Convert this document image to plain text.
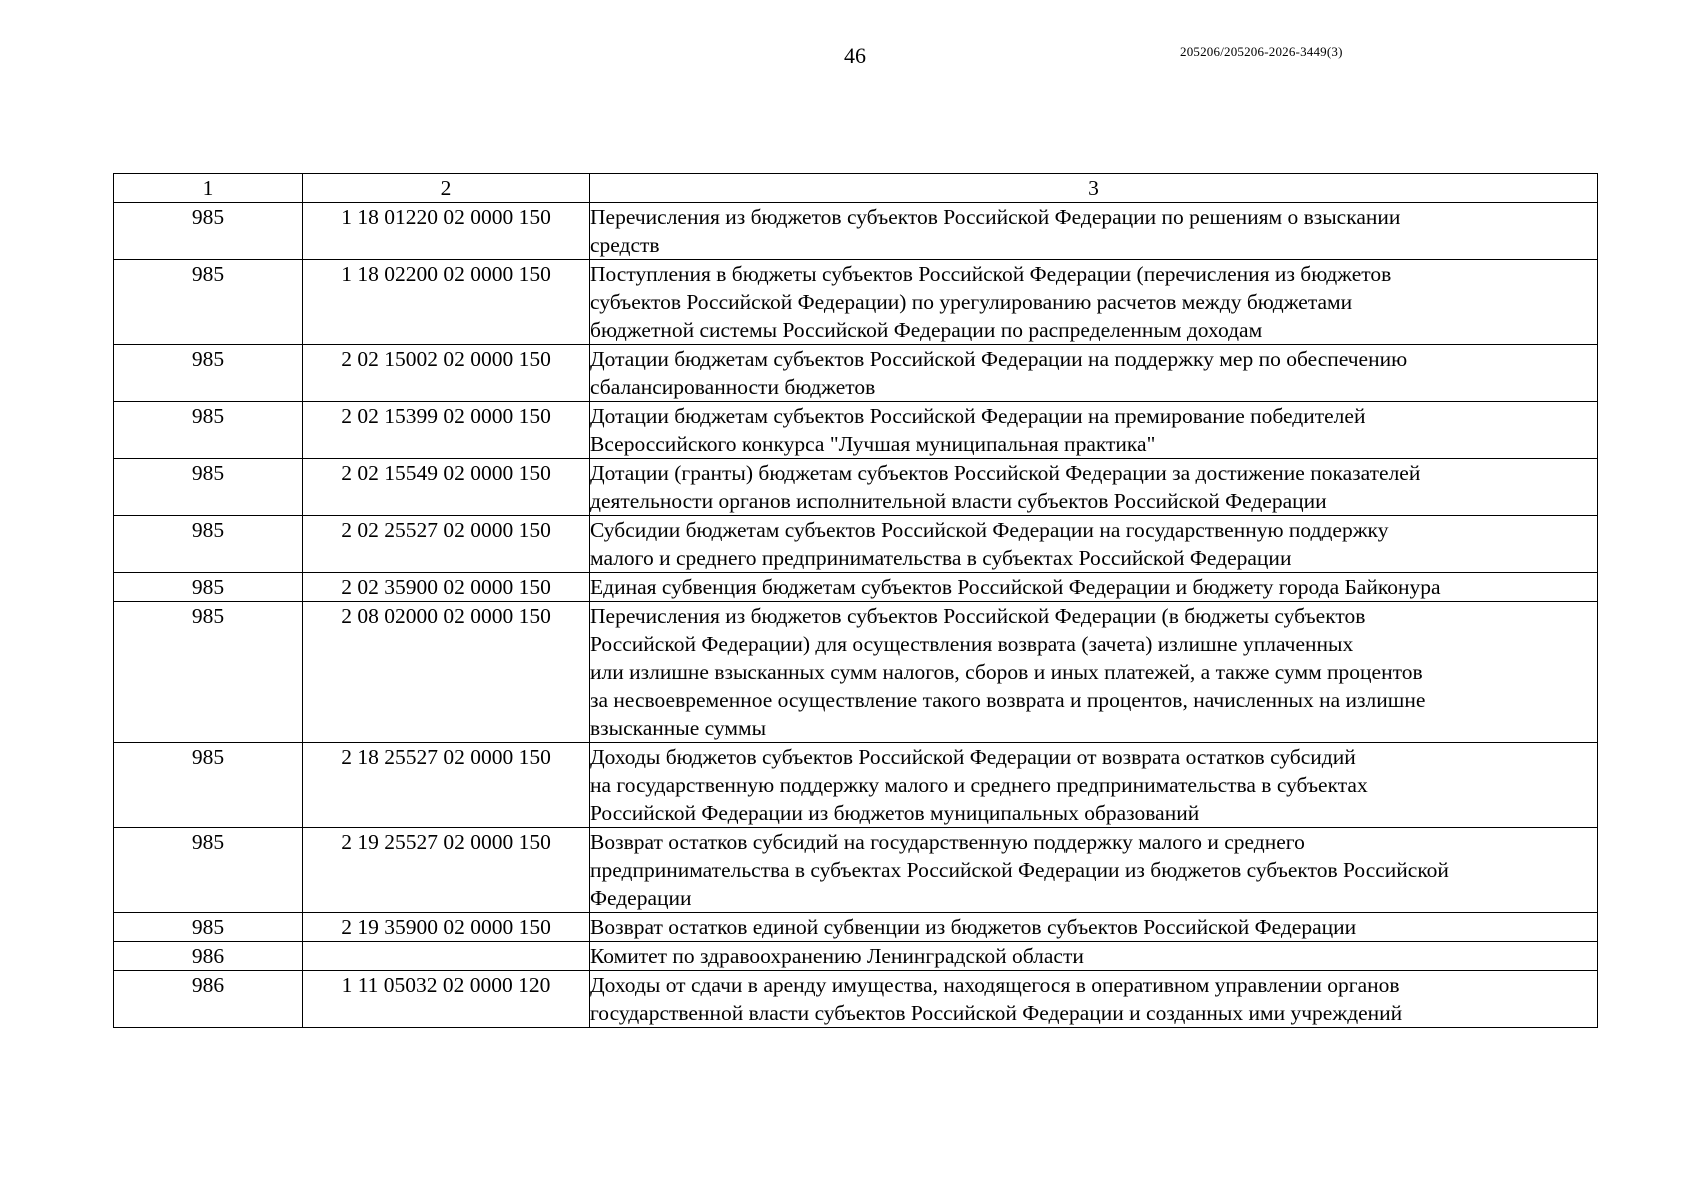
46	205206/205206-2026-3449(3)
1	2	3
985	1 18 01220 02 0000 150	Перечисления из бюджетов субъектов Российской Федерации по решениям о взыскании
средств

985	1 18 02200 02 0000 150	Поступления в бюджеты субъектов Российской Федерации (перечисления из бюджетов
субъектов Российской Федерации) по урегулированию расчетов между бюджетами
бюджетной системы Российской Федерации по распределенным доходам

985	2 02 15002 02 0000 150	Дотации бюджетам субъектов Российской Федерации на поддержку мер по обеспечению
сбалансированности бюджетов

985	2 02 15399 02 0000 150	Дотации бюджетам субъектов Российской Федерации на премирование победителей
Всероссийского конкурса "Лучшая муниципальная практика"

985	2 02 15549 02 0000 150	Дотации (гранты) бюджетам субъектов Российской Федерации за достижение показателей
деятельности органов исполнительной власти субъектов Российской Федерации

985	2 02 25527 02 0000 150	Субсидии бюджетам субъектов Российской Федерации на государственную поддержку
малого и среднего предпринимательства в субъектах Российской Федерации

985	2 02 35900 02 0000 150	Единая субвенция бюджетам субъектов Российской Федерации и бюджету города Байконура

985	2 08 02000 02 0000 150	Перечисления из бюджетов субъектов Российской Федерации (в бюджеты субъектов
Российской Федерации) для осуществления возврата (зачета) излишне уплаченных
или излишне взысканных сумм налогов, сборов и иных платежей, а также сумм процентов
за несвоевременное осуществление такого возврата и процентов, начисленных на излишне
взысканные суммы

985	2 18 25527 02 0000 150	Доходы бюджетов субъектов Российской Федерации от возврата остатков субсидий
на государственную поддержку малого и среднего предпринимательства в субъектах
Российской Федерации из бюджетов муниципальных образований

985	2 19 25527 02 0000 150	Возврат остатков субсидий на государственную поддержку малого и среднего
предпринимательства в субъектах Российской Федерации из бюджетов субъектов Российской
Федерации

985	2 19 35900 02 0000 150	Возврат остатков единой субвенции из бюджетов субъектов Российской Федерации

986		Комитет по здравоохранению Ленинградской области

986	1 11 05032 02 0000 120	Доходы от сдачи в аренду имущества, находящегося в оперативном управлении органов
государственной власти субъектов Российской Федерации и созданных ими учреждений
